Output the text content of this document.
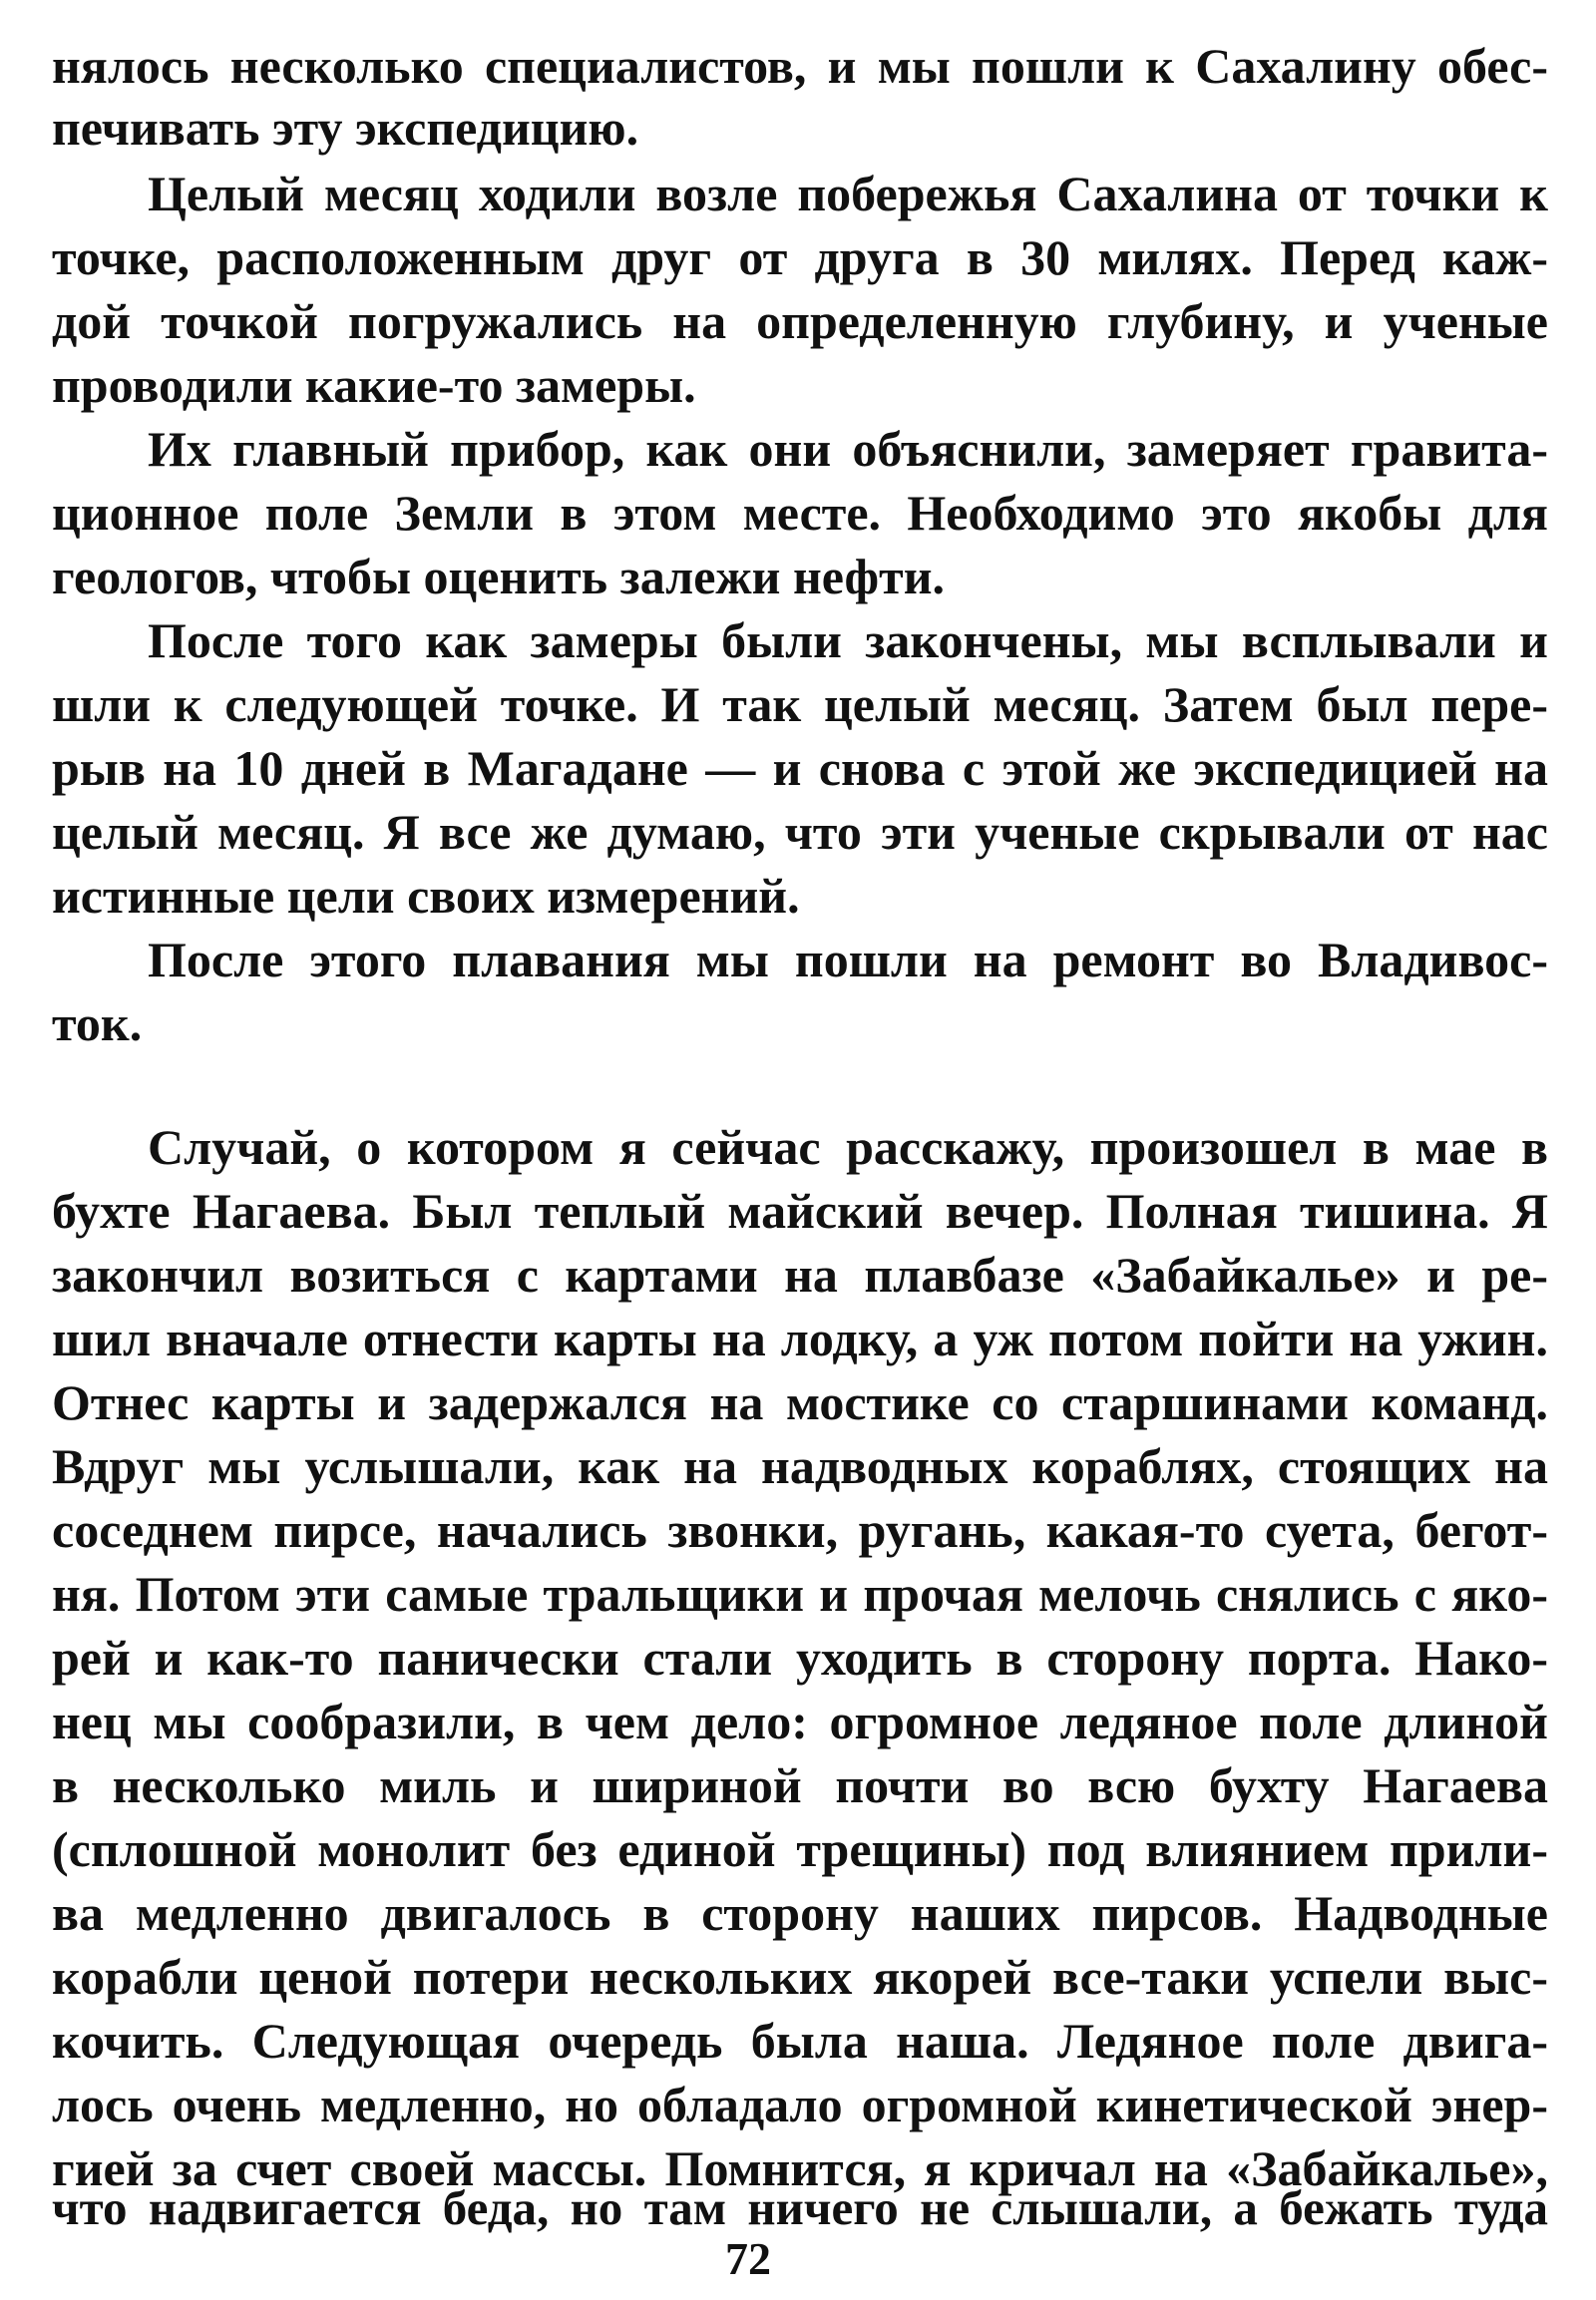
нялось несколько специалистов, и мы пошли к Сахалину обес-
печивать эту экспедицию.
Целый месяц ходили возле побережья Сахалина от точки к
точке, расположенным друг от друга в 30 милях. Перед каж-
дой точкой погружались на определенную глубину, и ученые
проводили какие-то замеры.
Их главный прибор, как они объяснили, замеряет гравита-
ционное поле Земли в этом месте. Необходимо это якобы для
геологов, чтобы оценить залежи нефти.
После того как замеры были закончены, мы всплывали и
шли к следующей точке. И так целый месяц. Затем был пере-
рыв на 10 дней в Магадане — и снова с этой же экспедицией на
целый месяц. Я все же думаю, что эти ученые скрывали от нас
истинные цели своих измерений.
После этого плавания мы пошли на ремонт во Владивос-
ток.
Случай, о котором я сейчас расскажу, произошел в мае в
бухте Нагаева. Был теплый майский вечер. Полная тишина. Я
закончил возиться с картами на плавбазе «Забайкалье» и ре-
шил вначале отнести карты на лодку, а уж потом пойти на ужин.
Отнес карты и задержался на мостике со старшинами команд.
Вдруг мы услышали, как на надводных кораблях, стоящих на
соседнем пирсе, начались звонки, ругань, какая-то суета, бегот-
ня. Потом эти самые тральщики и прочая мелочь снялись с яко-
рей и как-то панически стали уходить в сторону порта. Нако-
нец мы сообразили, в чем дело: огромное ледяное поле длиной
в несколько миль и шириной почти во всю бухту Нагаева
(сплошной монолит без единой трещины) под влиянием прили-
ва медленно двигалось в сторону наших пирсов. Надводные
корабли ценой потери нескольких якорей все-таки успели выс-
кочить. Следующая очередь была наша. Ледяное поле двига-
лось очень медленно, но обладало огромной кинетической энер-
гией за счет своей массы. Помнится, я кричал на «Забайкалье»,
что надвигается беда, но там ничего не слышали, а бежать туда
72
